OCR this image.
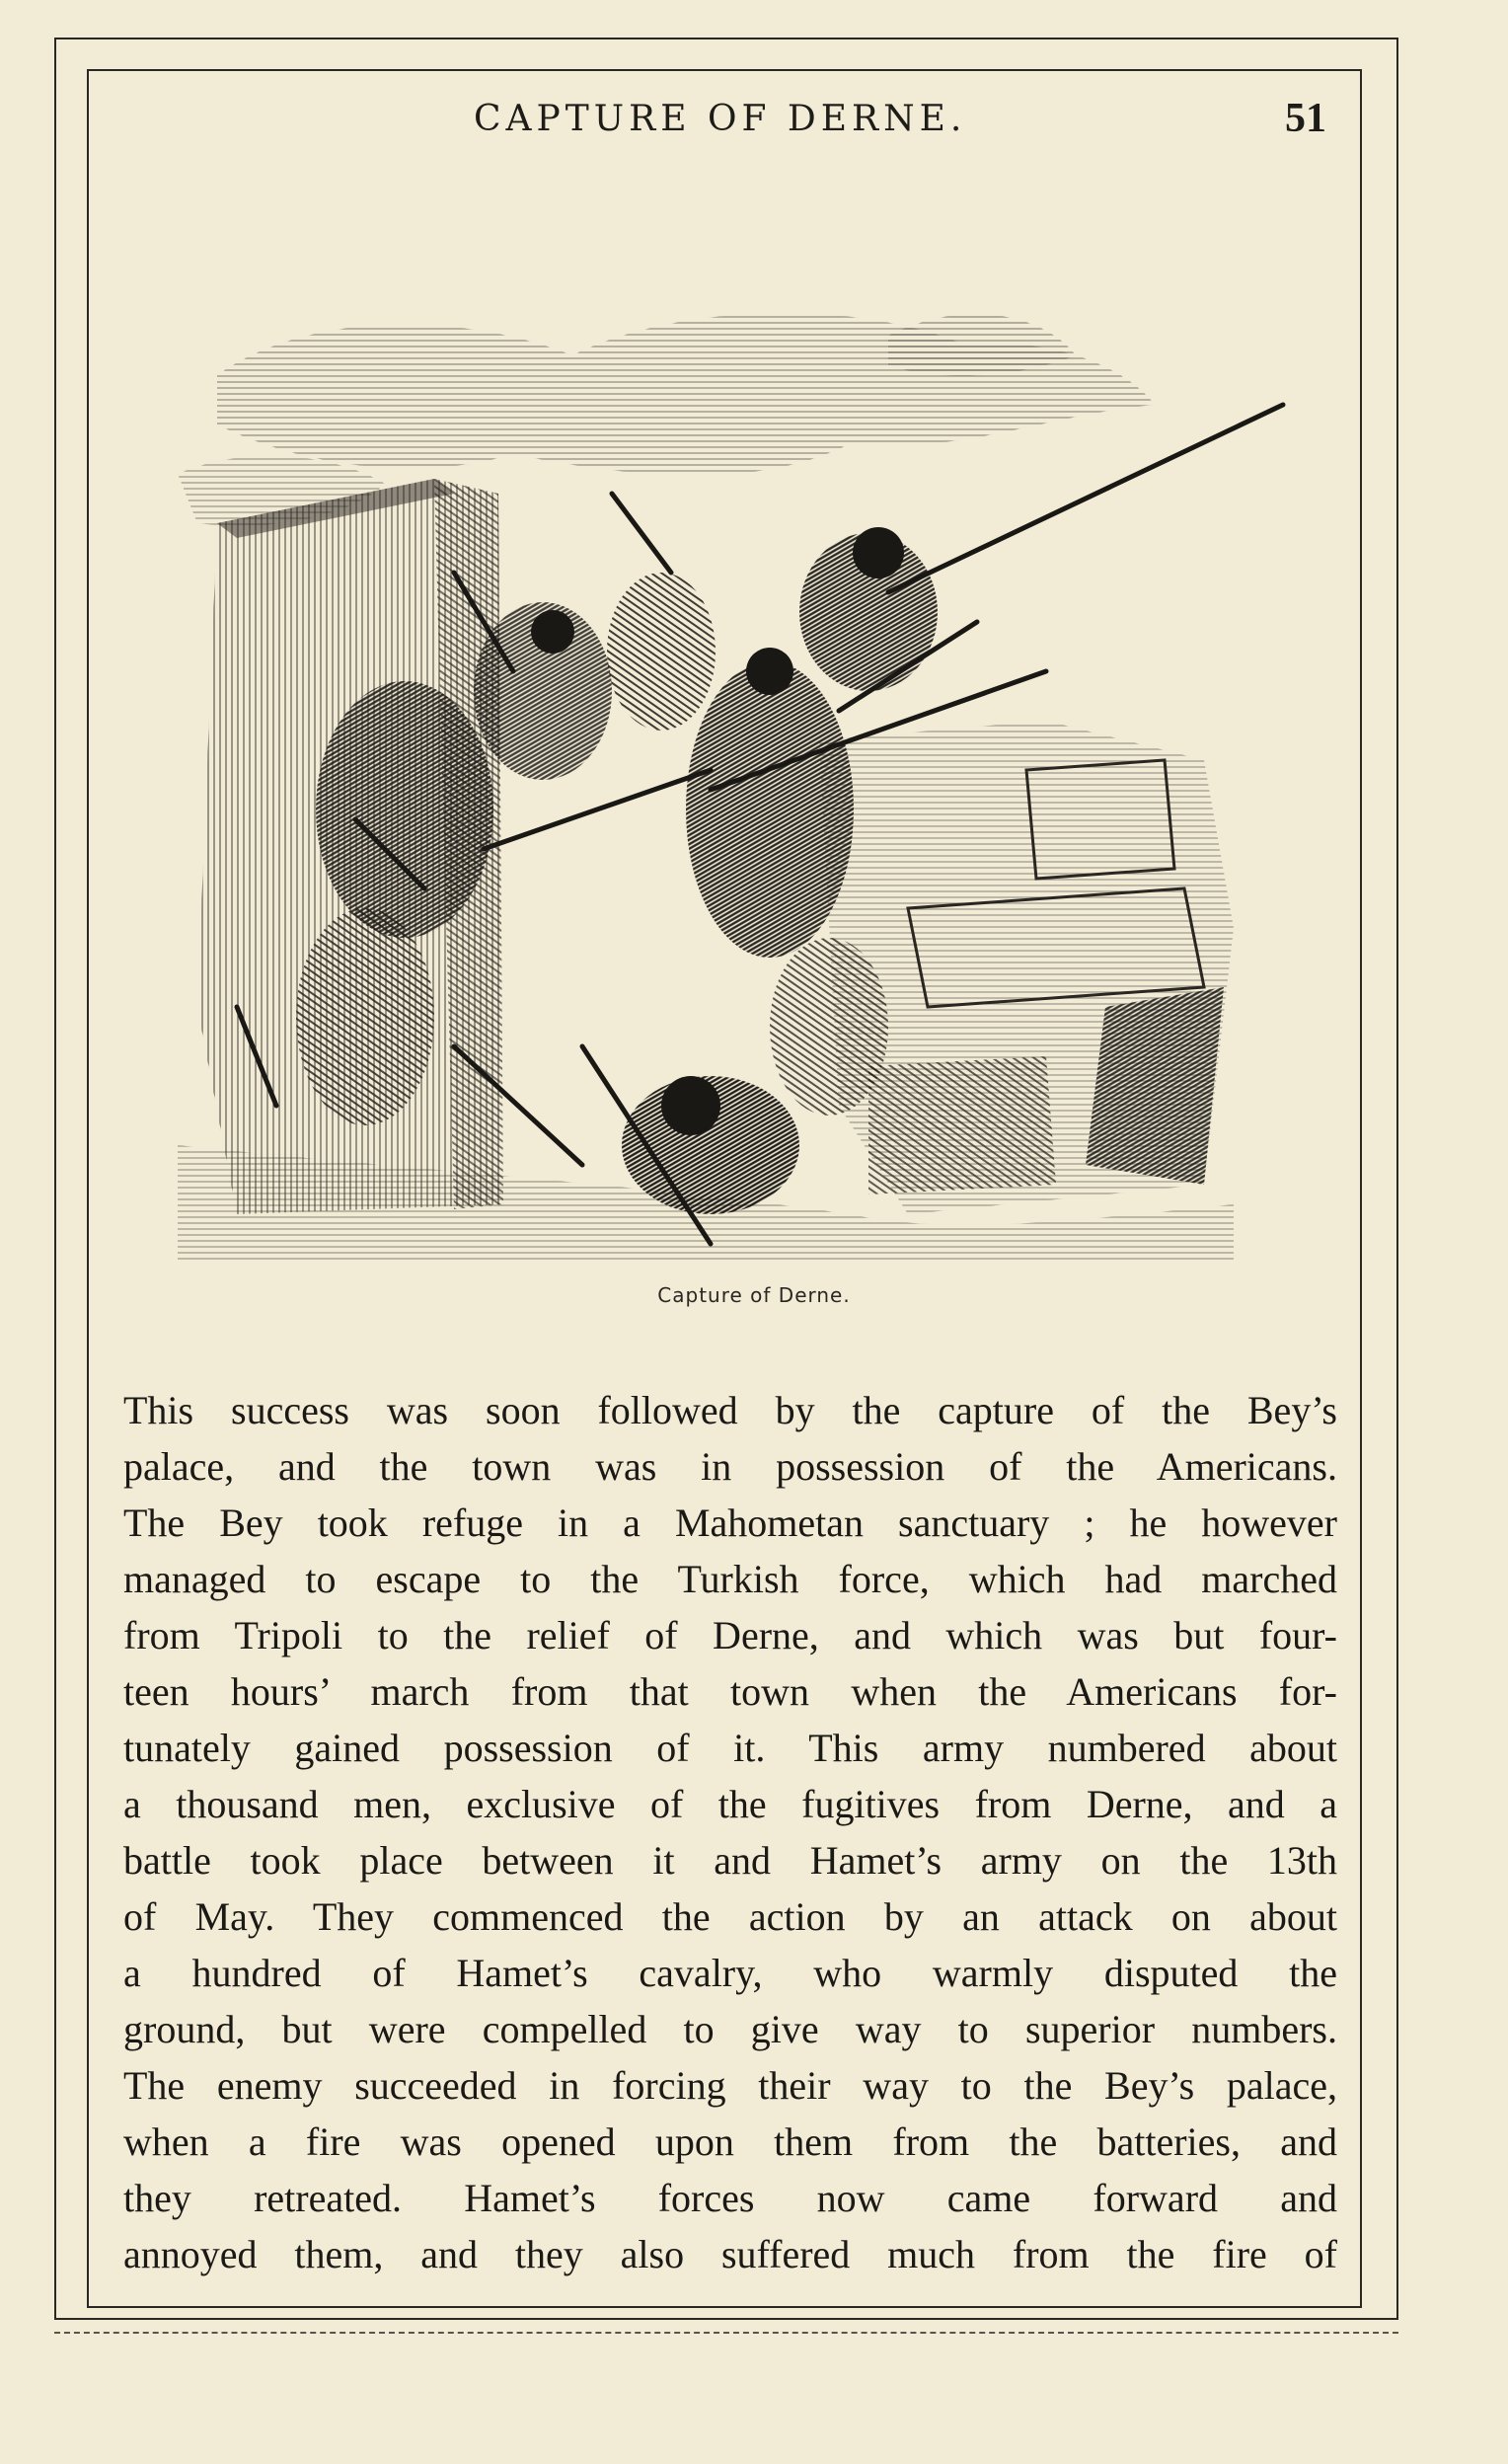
CAPTURE OF DERNE.	51
Capture of Derne.
This success was soon followed by the capture of the Bey’s
palace, and the town was in possession of the Americans.
The Bey took refuge in a Mahometan sanctuary ; he however
managed to escape to the Turkish force, which had marched
from Tripoli to the relief of Derne, and which was but four-
teen hours’ march from that town when the Americans for-
tunately gained possession of it. This army numbered about
a thousand men, exclusive of the fugitives from Derne, and a
battle took place between it and Hamet’s army on the 13th
of May. They commenced the action by an attack on about
a hundred of Hamet’s cavalry, who warmly disputed the
ground, but were compelled to give way to superior numbers.
The enemy succeeded in forcing their way to the Bey’s palace,
when a fire was opened upon them from the batteries, and
they retreated. Hamet’s forces now came forward and
annoyed them, and they also suffered much from the fire of
